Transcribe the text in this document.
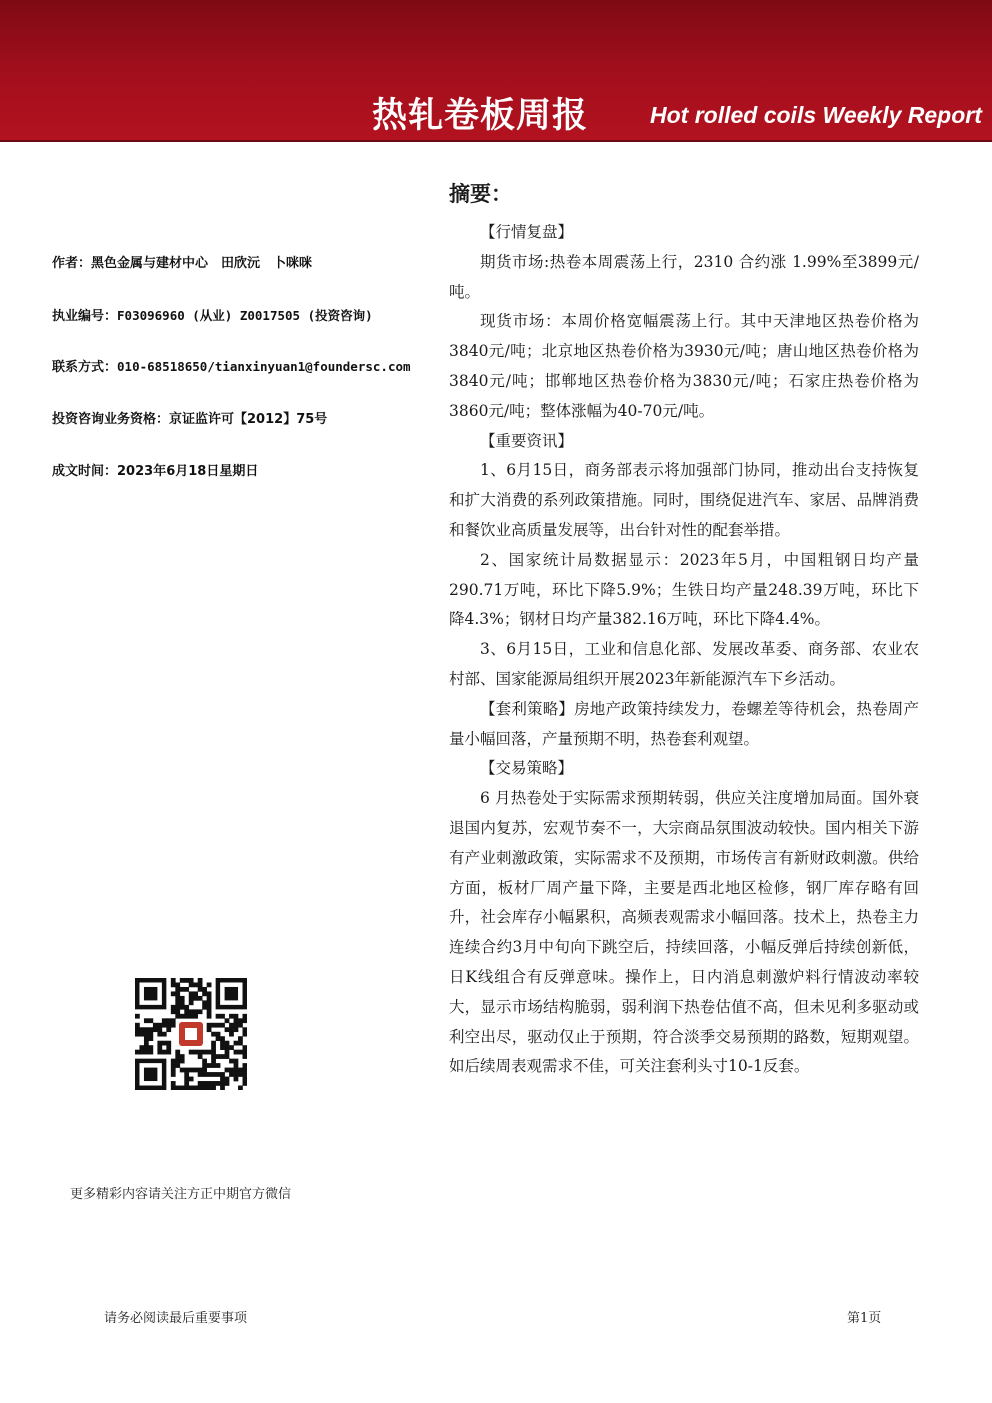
热轧卷板周报	Hot rolled coils Weekly Report
作者：黑色金属与建材中心　田欣沅　卜咪咪
执业编号：F03096960 (从业) Z0017505 (投资咨询)
联系方式：010-68518650/tianxinyuan1@foundersc.com
投资咨询业务资格：京证监许可【2012】75号
成文时间：2023年6月18日星期日
更多精彩内容请关注方正中期官方微信
摘要：
【行情复盘】

期货市场:热卷本周震荡上行，2310 合约涨 1.99%至3899元/吨。

现货市场：本周价格宽幅震荡上行。其中天津地区热卷价格为3840元/吨；北京地区热卷价格为3930元/吨；唐山地区热卷价格为3840元/吨；邯郸地区热卷价格为3830元/吨；石家庄热卷价格为3860元/吨；整体涨幅为40-70元/吨。

【重要资讯】

1、6月15日，商务部表示将加强部门协同，推动出台支持恢复和扩大消费的系列政策措施。同时，围绕促进汽车、家居、品牌消费和餐饮业高质量发展等，出台针对性的配套举措。

2、国家统计局数据显示：2023年5月，中国粗钢日均产量290.71万吨，环比下降5.9%；生铁日均产量248.39万吨，环比下降4.3%；钢材日均产量382.16万吨，环比下降4.4%。

3、6月15日，工业和信息化部、发展改革委、商务部、农业农村部、国家能源局组织开展2023年新能源汽车下乡活动。

【套利策略】房地产政策持续发力，卷螺差等待机会，热卷周产量小幅回落，产量预期不明，热卷套利观望。

【交易策略】

6 月热卷处于实际需求预期转弱，供应关注度增加局面。国外衰退国内复苏，宏观节奏不一，大宗商品氛围波动较快。国内相关下游有产业刺激政策，实际需求不及预期，市场传言有新财政刺激。供给方面，板材厂周产量下降，主要是西北地区检修，钢厂库存略有回升，社会库存小幅累积，高频表观需求小幅回落。技术上，热卷主力连续合约3月中旬向下跳空后，持续回落，小幅反弹后持续创新低，日K线组合有反弹意味。操作上，日内消息刺激炉料行情波动率较大，显示市场结构脆弱，弱利润下热卷估值不高，但未见利多驱动或利空出尽，驱动仅止于预期，符合淡季交易预期的路数，短期观望。如后续周表观需求不佳，可关注套利头寸10-1反套。

请务必阅读最后重要事项	第1页
